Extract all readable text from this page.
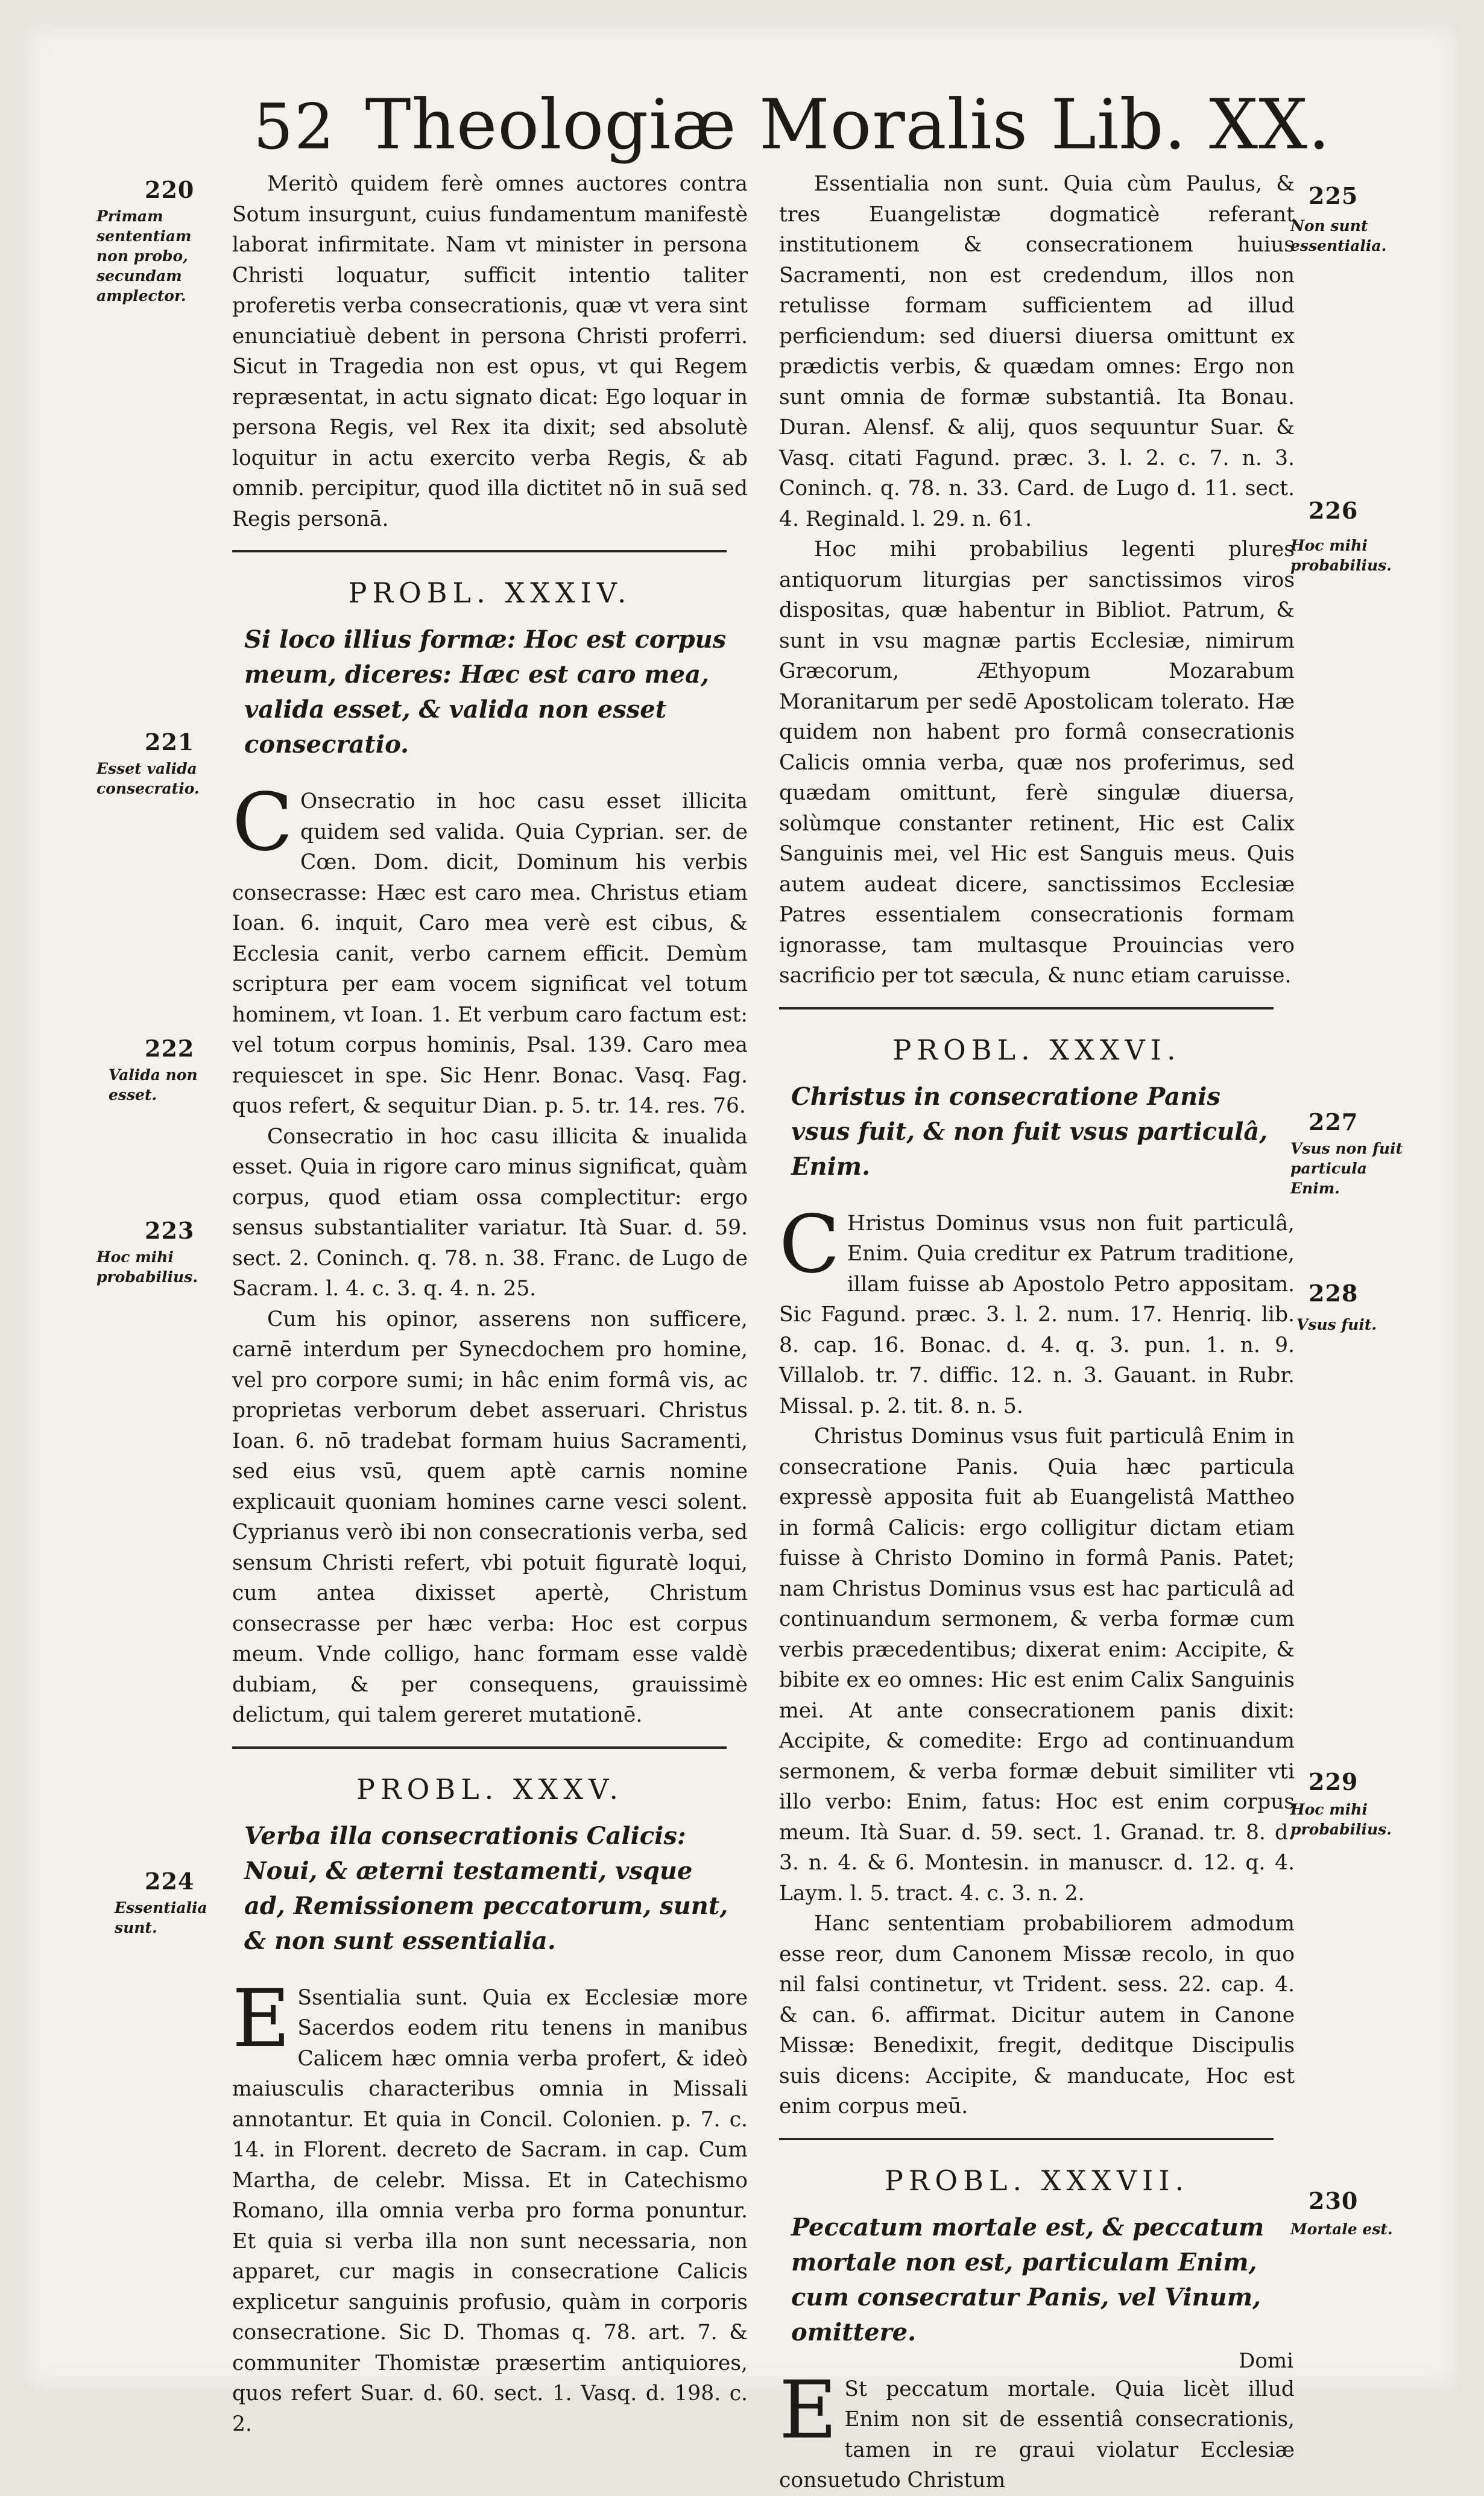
52 Theologiæ Moralis Lib. XX.
220
Primam sententiam non probo, secundam amplector.
221
Esset valida consecratio.
222
Valida non esset.
223
Hoc mihi probabilius.
224
Essentialia sunt.
225
Non sunt essentialia.
226
Hoc mihi probabilius.
227
Vsus non fuit particula Enim.
228
Vsus fuit.
229
Hoc mihi probabilius.
230
Mortale est.

Meritò quidem ferè omnes auctores contra Sotum insurgunt, cuius fundamentum manifestè laborat infirmitate. Nam vt minister in persona Christi loquatur, sufficit intentio taliter proferetis verba consecrationis, quæ vt vera sint enunciatiuè debent in persona Christi proferri. Sicut in Tragedia non est opus, vt qui Regem repræsentat, in actu signato dicat: Ego loquar in persona Regis, vel Rex ita dixit; sed absolutè loquitur in actu exercito verba Regis, & ab omnib. percipitur, quod illa dictitet nō in suā sed Regis personā.

PROBL. XXXIV.
Si loco illius formæ: Hoc est corpus meum, diceres: Hæc est caro mea, valida esset, & valida non esset consecratio.

C Onsecratio in hoc casu esset illicita quidem sed valida. Quia Cyprian. ser. de Cœn. Dom. dicit, Dominum his verbis consecrasse: Hæc est caro mea. Christus etiam Ioan. 6. inquit, Caro mea verè est cibus, & Ecclesia canit, verbo carnem efficit. Demùm scriptura per eam vocem significat vel totum hominem, vt Ioan. 1. Et verbum caro factum est: vel totum corpus hominis, Psal. 139. Caro mea requiescet in spe. Sic Henr. Bonac. Vasq. Fag. quos refert, & sequitur Dian. p. 5. tr. 14. res. 76.

Consecratio in hoc casu illicita & inualida esset. Quia in rigore caro minus significat, quàm corpus, quod etiam ossa complectitur: ergo sensus substantialiter variatur. Ità Suar. d. 59. sect. 2. Coninch. q. 78. n. 38. Franc. de Lugo de Sacram. l. 4. c. 3. q. 4. n. 25.

Cum his opinor, asserens non sufficere, carnē interdum per Synecdochem pro homine, vel pro corpore sumi; in hâc enim formâ vis, ac proprietas verborum debet asseruari. Christus Ioan. 6. nō tradebat formam huius Sacramenti, sed eius vsū, quem aptè carnis nomine explicauit quoniam homines carne vesci solent. Cyprianus verò ibi non consecrationis verba, sed sensum Christi refert, vbi potuit figuratè loqui, cum antea dixisset apertè, Christum consecrasse per hæc verba: Hoc est corpus meum. Vnde colligo, hanc formam esse valdè dubiam, & per consequens, grauissimè delictum, qui talem gereret mutationē.

PROBL. XXXV.
Verba illa consecrationis Calicis: Noui, & æterni testamenti, vsque ad, Remissionem peccatorum, sunt, & non sunt essentialia.

E Ssentialia sunt. Quia ex Ecclesiæ more Sacerdos eodem ritu tenens in manibus Calicem hæc omnia verba profert, & ideò maiusculis characteribus omnia in Missali annotantur. Et quia in Concil. Colonien. p. 7. c. 14. in Florent. decreto de Sacram. in cap. Cum Martha, de celebr. Missa. Et in Catechismo Romano, illa omnia verba pro forma ponuntur. Et quia si verba illa non sunt necessaria, non apparet, cur magis in consecratione Calicis explicetur sanguinis profusio, quàm in corporis consecratione. Sic D. Thomas q. 78. art. 7. & communiter Thomistæ præsertim antiquiores, quos refert Suar. d. 60. sect. 1. Vasq. d. 198. c. 2.

Essentialia non sunt. Quia cùm Paulus, & tres Euangelistæ dogmaticè referant institutionem & consecrationem huius Sacramenti, non est credendum, illos non retulisse formam sufficientem ad illud perficiendum: sed diuersi diuersa omittunt ex prædictis verbis, & quædam omnes: Ergo non sunt omnia de formæ substantiâ. Ita Bonau. Duran. Alensf. & alij, quos sequuntur Suar. & Vasq. citati Fagund. præc. 3. l. 2. c. 7. n. 3. Coninch. q. 78. n. 33. Card. de Lugo d. 11. sect. 4. Reginald. l. 29. n. 61.

Hoc mihi probabilius legenti plures antiquorum liturgias per sanctissimos viros dispositas, quæ habentur in Bibliot. Patrum, & sunt in vsu magnæ partis Ecclesiæ, nimirum Græcorum, Æthyopum Mozarabum Moranitarum per sedē Apostolicam tolerato. Hæ quidem non habent pro formâ consecrationis Calicis omnia verba, quæ nos proferimus, sed quædam omittunt, ferè singulæ diuersa, solùmque constanter retinent, Hic est Calix Sanguinis mei, vel Hic est Sanguis meus. Quis autem audeat dicere, sanctissimos Ecclesiæ Patres essentialem consecrationis formam ignorasse, tam multasque Prouincias vero sacrificio per tot sæcula, & nunc etiam caruisse.

PROBL. XXXVI.
Christus in consecratione Panis vsus fuit, & non fuit vsus particulâ, Enim.

C Hristus Dominus vsus non fuit particulâ, Enim. Quia creditur ex Patrum traditione, illam fuisse ab Apostolo Petro appositam. Sic Fagund. præc. 3. l. 2. num. 17. Henriq. lib. 8. cap. 16. Bonac. d. 4. q. 3. pun. 1. n. 9. Villalob. tr. 7. diffic. 12. n. 3. Gauant. in Rubr. Missal. p. 2. tit. 8. n. 5.

Christus Dominus vsus fuit particulâ Enim in consecratione Panis. Quia hæc particula expressè apposita fuit ab Euangelistâ Mattheo in formâ Calicis: ergo colligitur dictam etiam fuisse à Christo Domino in formâ Panis. Patet; nam Christus Dominus vsus est hac particulâ ad continuandum sermonem, & verba formæ cum verbis præcedentibus; dixerat enim: Accipite, & bibite ex eo omnes: Hic est enim Calix Sanguinis mei. At ante consecrationem panis dixit: Accipite, & comedite: Ergo ad continuandum sermonem, & verba formæ debuit similiter vti illo verbo: Enim, fatus: Hoc est enim corpus meum. Ità Suar. d. 59. sect. 1. Granad. tr. 8. d. 3. n. 4. & 6. Montesin. in manuscr. d. 12. q. 4. Laym. l. 5. tract. 4. c. 3. n. 2.

Hanc sententiam probabiliorem admodum esse reor, dum Canonem Missæ recolo, in quo nil falsi continetur, vt Trident. sess. 22. cap. 4. & can. 6. affirmat. Dicitur autem in Canone Missæ: Benedixit, fregit, deditque Discipulis suis dicens: Accipite, & manducate, Hoc est enim corpus meū.

PROBL. XXXVII.
Peccatum mortale est, & peccatum mortale non est, particulam Enim, cum consecratur Panis, vel Vinum, omittere.

E St peccatum mortale. Quia licèt illud Enim non sit de essentiâ consecrationis, tamen in re graui violatur Ecclesiæ consuetudo Christum

Domi
